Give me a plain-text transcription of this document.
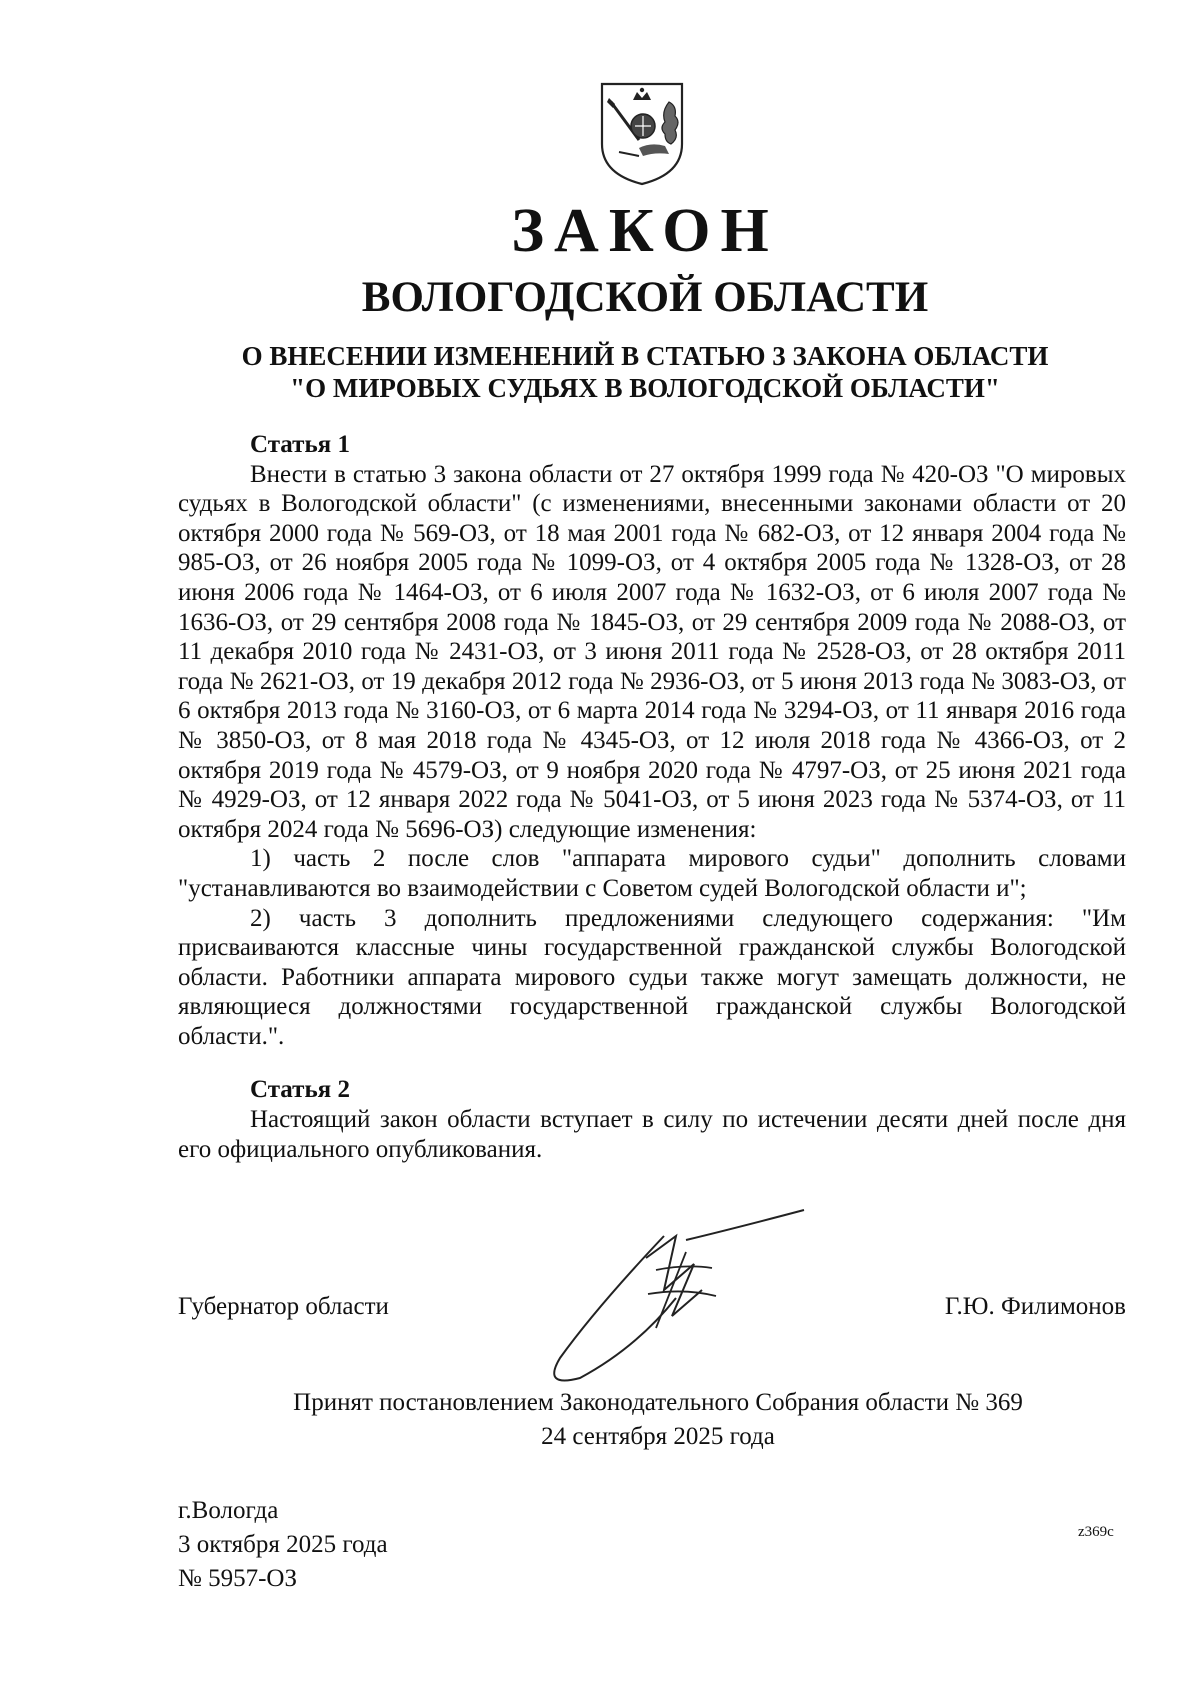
ЗАКОН
ВОЛОГОДСКОЙ ОБЛАСТИ
О ВНЕСЕНИИ ИЗМЕНЕНИЙ В СТАТЬЮ 3 ЗАКОНА ОБЛАСТИ
"О МИРОВЫХ СУДЬЯХ В ВОЛОГОДСКОЙ ОБЛАСТИ"
Статья 1

Внести в статью 3 закона области от 27 октября 1999 года № 420-ОЗ "О мировых судьях в Вологодской области" (с изменениями, внесенными законами области от 20 октября 2000 года № 569-ОЗ, от 18 мая 2001 года № 682-ОЗ, от 12 января 2004 года № 985-ОЗ, от 26 ноября 2005 года № 1099-ОЗ, от 4 октября 2005 года № 1328-ОЗ, от 28 июня 2006 года № 1464-ОЗ, от 6 июля 2007 года № 1632-ОЗ, от 6 июля 2007 года № 1636-ОЗ, от 29 сентября 2008 года № 1845-ОЗ, от 29 сентября 2009 года № 2088-ОЗ, от 11 декабря 2010 года № 2431-ОЗ, от 3 июня 2011 года № 2528-ОЗ, от 28 октября 2011 года № 2621-ОЗ, от 19 декабря 2012 года № 2936-ОЗ, от 5 июня 2013 года № 3083-ОЗ, от 6 октября 2013 года № 3160-ОЗ, от 6 марта 2014 года № 3294-ОЗ, от 11 января 2016 года № 3850-ОЗ, от 8 мая 2018 года № 4345-ОЗ, от 12 июля 2018 года № 4366-ОЗ, от 2 октября 2019 года № 4579-ОЗ, от 9 ноября 2020 года № 4797-ОЗ, от 25 июня 2021 года № 4929-ОЗ, от 12 января 2022 года № 5041-ОЗ, от 5 июня 2023 года № 5374-ОЗ, от 11 октября 2024 года № 5696-ОЗ) следующие изменения:

1) часть 2 после слов "аппарата мирового судьи" дополнить словами "устанавливаются во взаимодействии с Советом судей Вологодской области и";

2) часть 3 дополнить предложениями следующего содержания: "Им присваиваются классные чины государственной гражданской службы Вологодской области. Работники аппарата мирового судьи также могут замещать должности, не являющиеся должностями государственной гражданской службы Вологодской области.".

Статья 2

Настоящий закон области вступает в силу по истечении десяти дней после дня его официального опубликования.

Губернатор области	Г.Ю. Филимонов
Принят постановлением Законодательного Собрания области № 369
24 сентября 2025 года
г.Вологда
3 октября 2025 года
№ 5957-ОЗ
z369c
